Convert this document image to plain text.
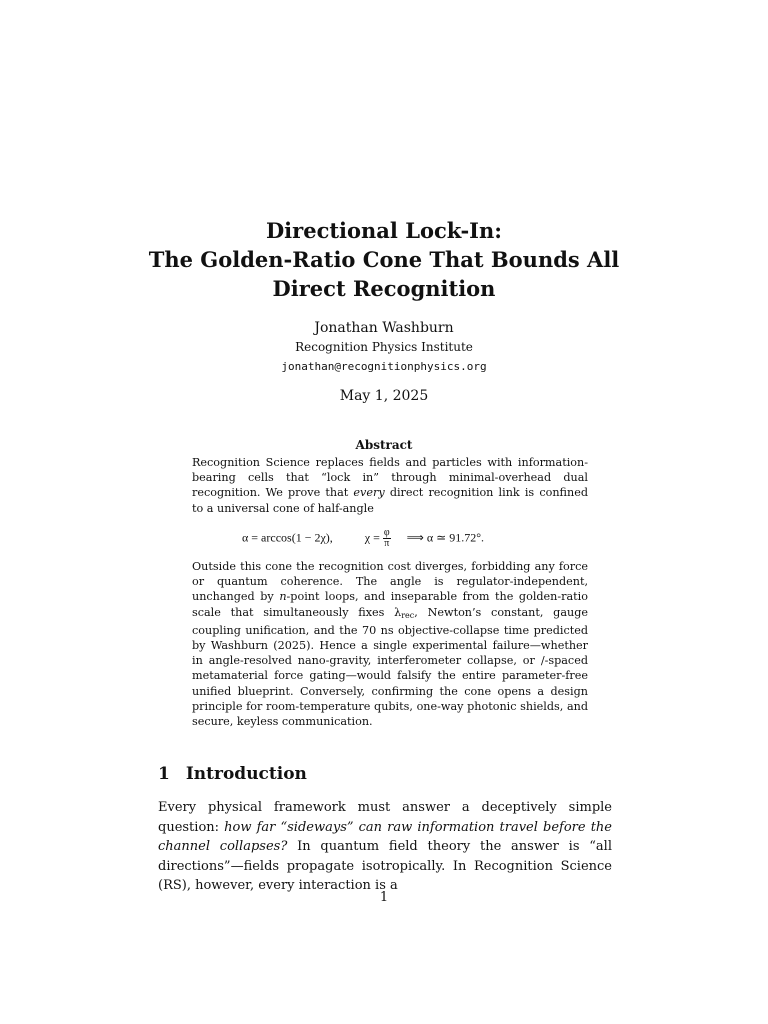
Directional Lock-In:
The Golden-Ratio Cone That Bounds All
Direct Recognition
Jonathan Washburn
Recognition Physics Institute
jonathan@recognitionphysics.org
May 1, 2025
Abstract
Recognition Science replaces fields and particles with information-bearing cells that “lock in” through minimal-overhead dual recognition. We prove that every direct recognition link is confined to a universal cone of half-angle
α = arccos(1 − 2χ),	$\chi = \frac{\varphi}{\pi}$ ⟹ α ≃ 91.72°.
Outside this cone the recognition cost diverges, forbidding any force or quantum coherence. The angle is regulator-independent, unchanged by n-point loops, and inseparable from the golden-ratio scale that simultaneously fixes $\lambda_{rec}$, Newton’s constant, gauge coupling unification, and the 70 ns objective-collapse time predicted by Washburn (2025). Hence a single experimental failure—whether in angle-resolved nano-gravity, interferometer collapse, or /-spaced metamaterial force gating—would falsify the entire parameter-free unified blueprint. Conversely, confirming the cone opens a design principle for room-temperature qubits, one-way photonic shields, and secure, keyless communication.
1 Introduction
Every physical framework must answer a deceptively simple question: how far “sideways” can raw information travel before the channel collapses? In quantum field theory the answer is “all directions”—fields propagate isotropically. In Recognition Science (RS), however, every interaction is a
1
